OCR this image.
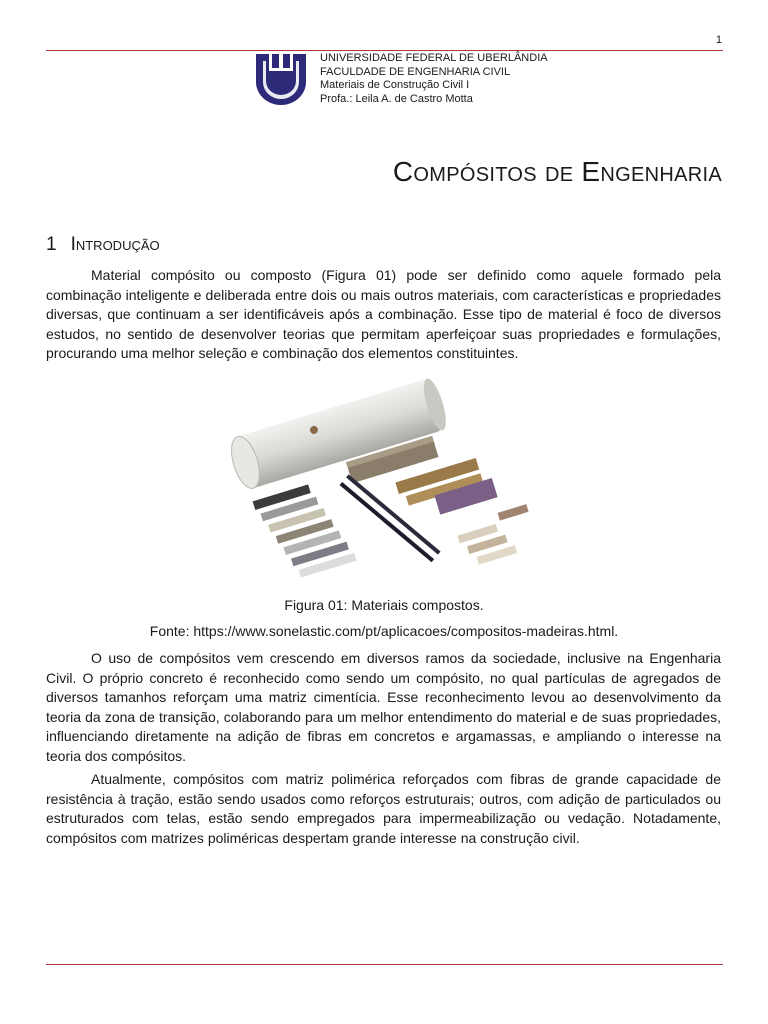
1
UNIVERSIDADE FEDERAL DE UBERLÂNDIA
FACULDADE DE ENGENHARIA CIVIL
Materiais de Construção Civil I
Profa.: Leila A. de Castro Motta
Compósitos de Engenharia
1 Introdução

Material compósito ou composto (Figura 01) pode ser definido como aquele formado pela combinação inteligente e deliberada entre dois ou mais outros materiais, com características e propriedades diversas, que continuam a ser identificáveis após a combinação. Esse tipo de material é foco de diversos estudos, no sentido de desenvolver teorias que permitam aperfeiçoar suas propriedades e formulações, procurando uma melhor seleção e combinação dos elementos constituintes.

Figura 01: Materiais compostos.

Fonte: https://www.sonelastic.com/pt/aplicacoes/compositos-madeiras.html.

O uso de compósitos vem crescendo em diversos ramos da sociedade, inclusive na Engenharia Civil. O próprio concreto é reconhecido como sendo um compósito, no qual partículas de agregados de diversos tamanhos reforçam uma matriz cimentícia. Esse reconhecimento levou ao desenvolvimento da teoria da zona de transição, colaborando para um melhor entendimento do material e de suas propriedades, influenciando diretamente na adição de fibras em concretos e argamassas, e ampliando o interesse na teoria dos compósitos.

Atualmente, compósitos com matriz polimérica reforçados com fibras de grande capacidade de resistência à tração, estão sendo usados como reforços estruturais; outros, com adição de particulados ou estruturados com telas, estão sendo empregados para impermeabilização ou vedação. Notadamente, compósitos com matrizes poliméricas despertam grande interesse na construção civil.
